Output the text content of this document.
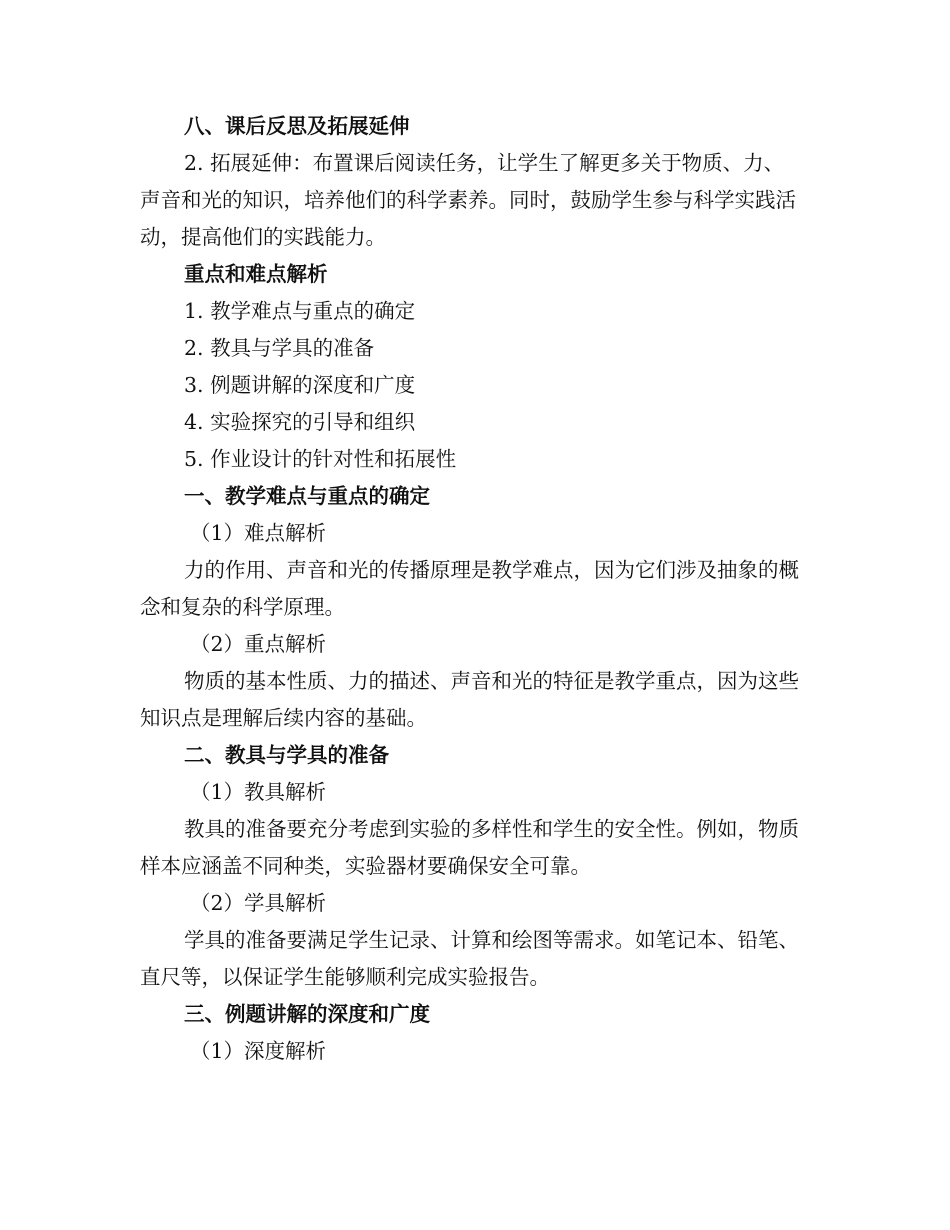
八、课后反思及拓展延伸
2. 拓展延伸：布置课后阅读任务，让学生了解更多关于物质、力、声音和光的知识，培养他们的科学素养。同时，鼓励学生参与科学实践活动，提高他们的实践能力。
重点和难点解析
1. 教学难点与重点的确定
2. 教具与学具的准备
3. 例题讲解的深度和广度
4. 实验探究的引导和组织
5. 作业设计的针对性和拓展性
一、教学难点与重点的确定
（1）难点解析
力的作用、声音和光的传播原理是教学难点，因为它们涉及抽象的概念和复杂的科学原理。
（2）重点解析
物质的基本性质、力的描述、声音和光的特征是教学重点，因为这些知识点是理解后续内容的基础。
二、教具与学具的准备
（1）教具解析
教具的准备要充分考虑到实验的多样性和学生的安全性。例如，物质样本应涵盖不同种类，实验器材要确保安全可靠。
（2）学具解析
学具的准备要满足学生记录、计算和绘图等需求。如笔记本、铅笔、直尺等，以保证学生能够顺利完成实验报告。
三、例题讲解的深度和广度
（1）深度解析
